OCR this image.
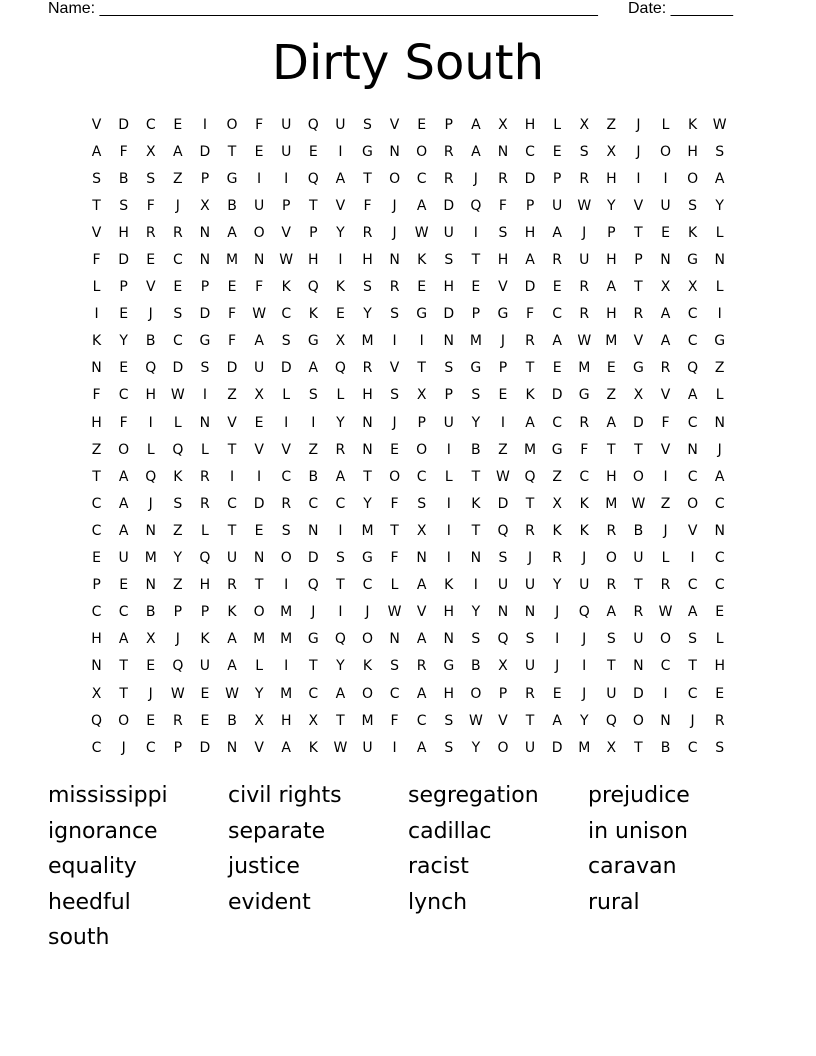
Name: ________________________________________________________ Date: _______
Dirty South
V	D	C	E	I	O	F	U	Q	U	S	V	E	P	A	X	H	L	X	Z	J	L	K	W
A	F	X	A	D	T	E	U	E	I	G	N	O	R	A	N	C	E	S	X	J	O	H	S
S	B	S	Z	P	G	I	I	Q	A	T	O	C	R	J	R	D	P	R	H	I	I	O	A
T	S	F	J	X	B	U	P	T	V	F	J	A	D	Q	F	P	U	W	Y	V	U	S	Y
V	H	R	R	N	A	O	V	P	Y	R	J	W	U	I	S	H	A	J	P	T	E	K	L
F	D	E	C	N	M	N	W	H	I	H	N	K	S	T	H	A	R	U	H	P	N	G	N
L	P	V	E	P	E	F	K	Q	K	S	R	E	H	E	V	D	E	R	A	T	X	X	L
I	E	J	S	D	F	W	C	K	E	Y	S	G	D	P	G	F	C	R	H	R	A	C	I
K	Y	B	C	G	F	A	S	G	X	M	I	I	N	M	J	R	A	W	M	V	A	C	G
N	E	Q	D	S	D	U	D	A	Q	R	V	T	S	G	P	T	E	M	E	G	R	Q	Z
F	C	H	W	I	Z	X	L	S	L	H	S	X	P	S	E	K	D	G	Z	X	V	A	L
H	F	I	L	N	V	E	I	I	Y	N	J	P	U	Y	I	A	C	R	A	D	F	C	N
Z	O	L	Q	L	T	V	V	Z	R	N	E	O	I	B	Z	M	G	F	T	T	V	N	J
T	A	Q	K	R	I	I	C	B	A	T	O	C	L	T	W	Q	Z	C	H	O	I	C	A
C	A	J	S	R	C	D	R	C	C	Y	F	S	I	K	D	T	X	K	M	W	Z	O	C
C	A	N	Z	L	T	E	S	N	I	M	T	X	I	T	Q	R	K	K	R	B	J	V	N
E	U	M	Y	Q	U	N	O	D	S	G	F	N	I	N	S	J	R	J	O	U	L	I	C
P	E	N	Z	H	R	T	I	Q	T	C	L	A	K	I	U	U	Y	U	R	T	R	C	C
C	C	B	P	P	K	O	M	J	I	J	W	V	H	Y	N	N	J	Q	A	R	W	A	E
H	A	X	J	K	A	M	M	G	Q	O	N	A	N	S	Q	S	I	J	S	U	O	S	L
N	T	E	Q	U	A	L	I	T	Y	K	S	R	G	B	X	U	J	I	T	N	C	T	H
X	T	J	W	E	W	Y	M	C	A	O	C	A	H	O	P	R	E	J	U	D	I	C	E
Q	O	E	R	E	B	X	H	X	T	M	F	C	S	W	V	T	A	Y	Q	O	N	J	R
C	J	C	P	D	N	V	A	K	W	U	I	A	S	Y	O	U	D	M	X	T	B	C	S
mississippi	civil rights	segregation	prejudice
ignorance	separate	cadillac	in unison
equality	justice	racist	caravan
heedful	evident	lynch	rural
south
